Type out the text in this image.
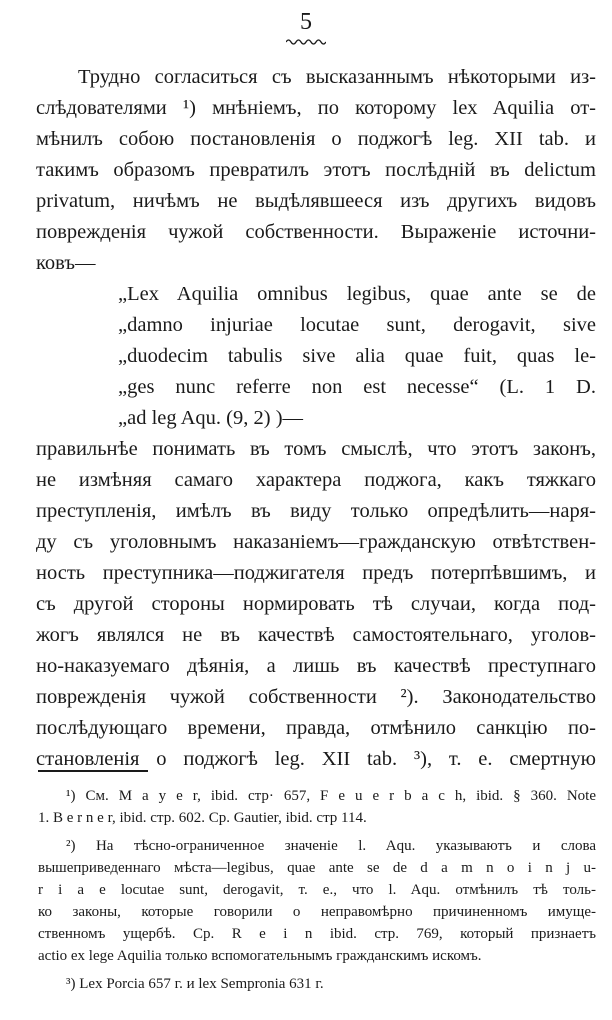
5
Трудно согласиться съ высказаннымъ нѣкоторыми из-
слѣдователями ¹) мнѣніемъ, по которому lex Aquilia от-
мѣнилъ собою постановленія о поджогѣ leg. XII tab. и
такимъ образомъ превратилъ этотъ послѣдній въ delictum
privatum, ничѣмъ не выдѣлявшееся изъ другихъ видовъ
поврежденія чужой собственности. Выраженіе источни-
ковъ—
„Lex Aquilia omnibus legibus, quae ante se de
„damno injuriae locutae sunt, derogavit, sive
„duodecim tabulis sive alia quae fuit, quas le-
„ges nunc referre non est necesse“ (L. 1 D.
„ad leg Aqu. (9, 2) )—
правильнѣе понимать въ томъ смыслѣ, что этотъ законъ,
не измѣняя самаго характера поджога, какъ тяжкаго
преступленія, имѣлъ въ виду только опредѣлить—наря-
ду съ уголовнымъ наказаніемъ—гражданскую отвѣтствен-
ность преступника—поджигателя предъ потерпѣвшимъ, и
съ другой стороны нормировать тѣ случаи, когда под-
жогъ являлся не въ качествѣ самостоятельнаго, уголов-
но-наказуемаго дѣянія, а лишь въ качествѣ преступнаго
поврежденія чужой собственности ²). Законодательство
послѣдующаго времени, правда, отмѣнило санкцію по-
становленія о поджогѣ leg. XII tab. ³), т. е. смертную
¹) См. M a y e r, ibid. стр· 657, F e u e r b a c h, ibid. § 360. Note
1. B e r n e r, ibid. стр. 602. Ср. Gautier, ibid. стр 114.
²) На тѣсно-ограниченное значеніе l. Aqu. указываютъ и слова
вышеприведеннаго мѣста—legibus, quae ante se de d a m n o i n j u-
r i a e locutae sunt, derogavit, т. е., что l. Aqu. отмѣнилъ тѣ толь-
ко законы, которые говорили о неправомѣрно причиненномъ имущe-
ственномъ ущербѣ. Ср. R e i n ibid. стр. 769, который признаетъ
actio ex lege Aquilia только вспомогательнымъ гражданскимъ искомъ.
³) Lex Porcia 657 г. и lex Sempronia 631 г.
